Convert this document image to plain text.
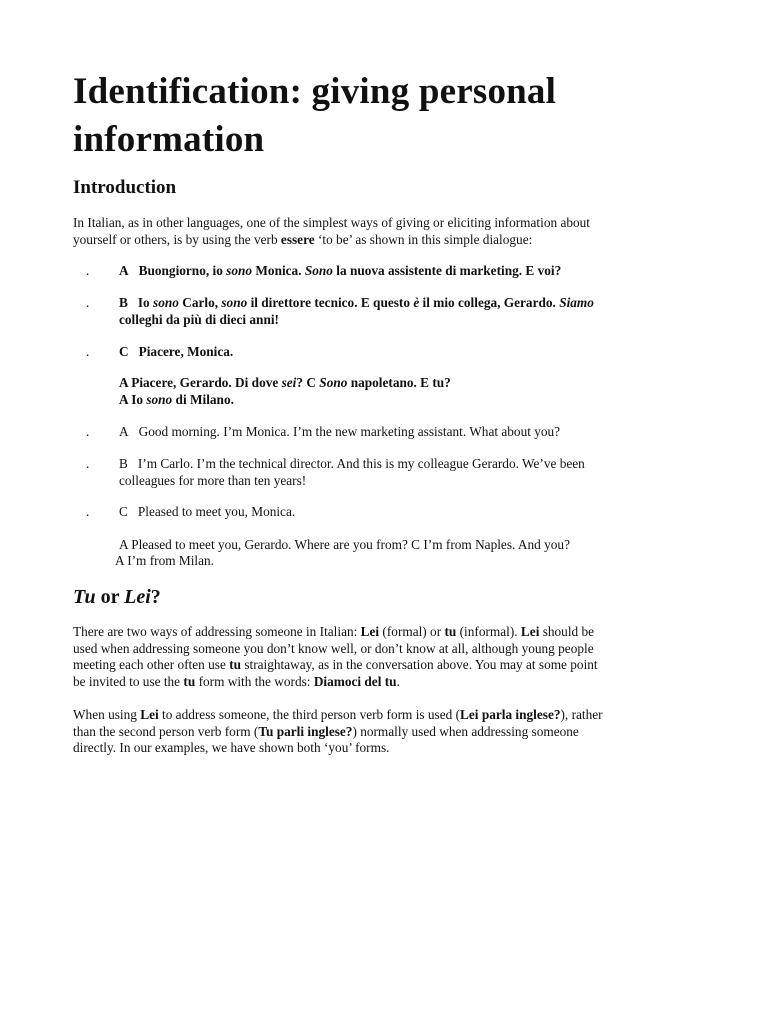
Identification: giving personal
information
Introduction

In Italian, as in other languages, one of the simplest ways of giving or eliciting information about
yourself or others, is by using the verb essere ‘to be’ as shown in this simple dialogue:

. A Buongiorno, io sono Monica. Sono la nuova assistente di marketing. E voi?

. B Io sono Carlo, sono il direttore tecnico. E questo è il mio collega, Gerardo. Siamo
colleghi da più di dieci anni!

. C Piacere, Monica.

A Piacere, Gerardo. Di dove sei? C Sono napoletano. E tu?
A Io sono di Milano.

. A Good morning. I’m Monica. I’m the new marketing assistant. What about you?

. B I’m Carlo. I’m the technical director. And this is my colleague Gerardo. We’ve been
colleagues for more than ten years!

. C Pleased to meet you, Monica.

A Pleased to meet you, Gerardo. Where are you from? C I’m from Naples. And you?

A I’m from Milan.

Tu or Lei?

There are two ways of addressing someone in Italian: Lei (formal) or tu (informal). Lei should be
used when addressing someone you don’t know well, or don’t know at all, although young people
meeting each other often use tu straightaway, as in the conversation above. You may at some point
be invited to use the tu form with the words: Diamoci del tu.

When using Lei to address someone, the third person verb form is used (Lei parla inglese?), rather
than the second person verb form (Tu parli inglese?) normally used when addressing someone
directly. In our examples, we have shown both ‘you’ forms.
